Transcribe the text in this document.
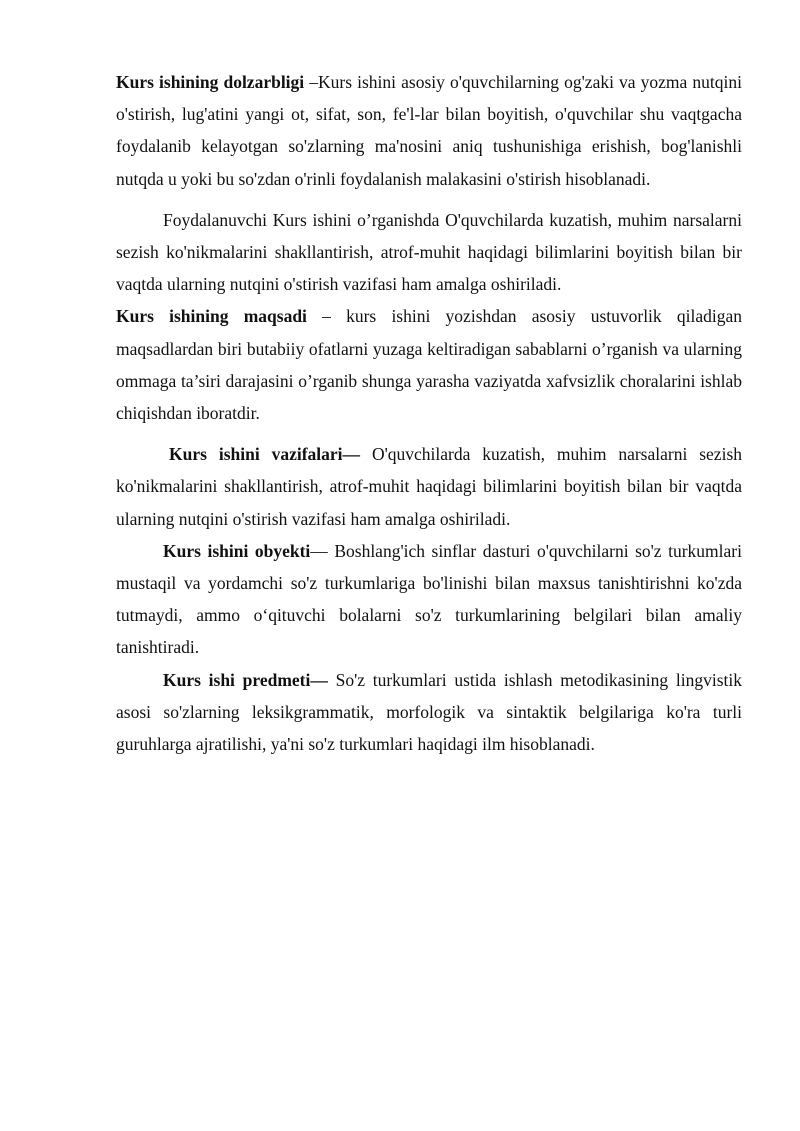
Kurs ishining dolzarbligi –Kurs ishini asosiy o'quvchilarning og'zaki va yozma nutqini o'stirish, lug'atini yangi ot, sifat, son, fe'l-lar bilan boyitish, o'quvchilar shu vaqtgacha foydalanib kelayotgan so'zlarning ma'nosini aniq tushunishiga erishish, bog'lanishli nutqda u yoki bu so'zdan o'rinli foydalanish malakasini o'stirish hisoblanadi.

Foydalanuvchi Kurs ishini o’rganishda O'quvchilarda kuzatish, muhim narsalarni sezish ko'nikmalarini shakllantirish, atrof-muhit haqidagi bilimlarini boyitish bilan bir vaqtda ularning nutqini o'stirish vazifasi ham amalga oshiriladi.

Kurs ishining maqsadi – kurs ishini yozishdan asosiy ustuvorlik qiladigan maqsadlardan biri butabiiy ofatlarni yuzaga keltiradigan sabablarni o’rganish va ularning ommaga ta’siri darajasini o’rganib shunga yarasha vaziyatda xafvsizlik choralarini ishlab chiqishdan iboratdir.

Kurs ishini vazifalari— O'quvchilarda kuzatish, muhim narsalarni sezish ko'nikmalarini shakllantirish, atrof-muhit haqidagi bilimlarini boyitish bilan bir vaqtda ularning nutqini o'stirish vazifasi ham amalga oshiriladi.

Kurs ishini obyekti— Boshlang'ich sinflar dasturi o'quvchilarni so'z turkumlari mustaqil va yordamchi so'z turkumlariga bo'linishi bilan maxsus tanishtirishni ko'zda tutmaydi, ammo o‘qituvchi bolalarni so'z turkumlarining belgilari bilan amaliy tanishtiradi.

Kurs ishi predmeti— So'z turkumlari ustida ishlash metodikasining lingvistik asosi so'zlarning leksikgrammatik, morfologik va sintaktik belgilariga ko'ra turli guruhlarga ajratilishi, ya'ni so'z turkumlari haqidagi ilm hisoblanadi.
